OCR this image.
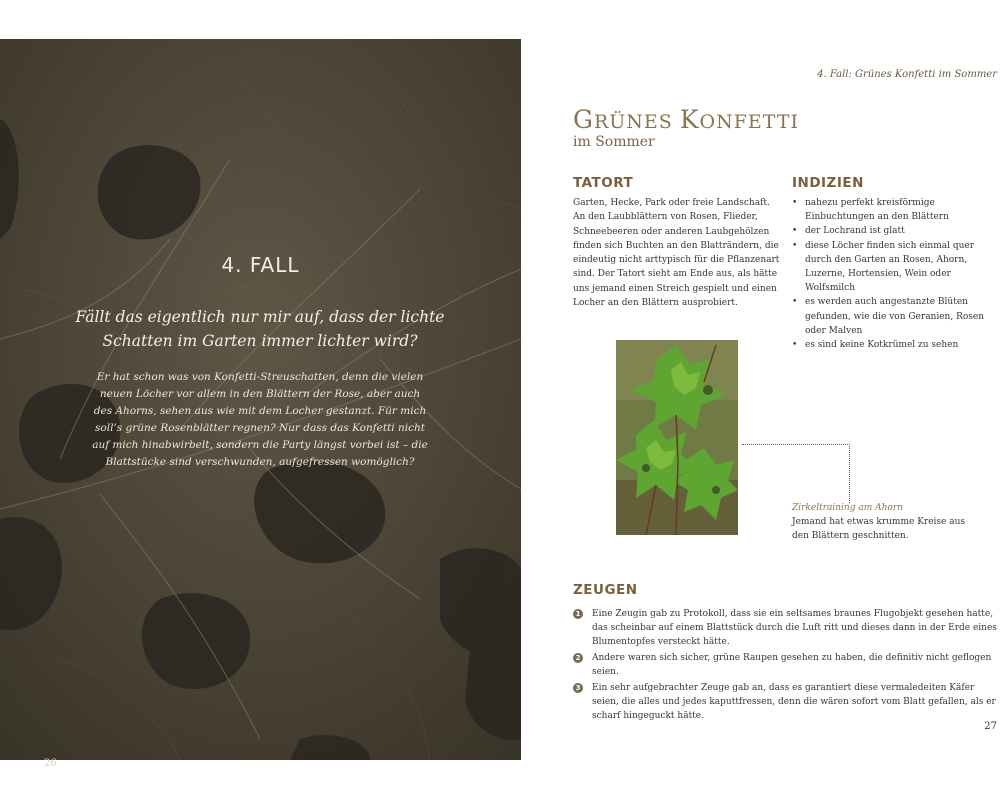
4. FALL
Fällt das eigentlich nur mir auf, dass der lichte Schatten im Garten immer lichter wird?
Er hat schon was von Konfetti-Streuschatten, denn die vielen neuen Löcher vor allem in den Blättern der Rose, aber auch des Ahorns, sehen aus wie mit dem Locher gestanzt. Für mich soll’s grüne Rosenblätter regnen? Nur dass das Konfetti nicht auf mich hinabwirbelt, sondern die Party längst vorbei ist – die Blattstücke sind verschwunden, aufgefressen womöglich?
26
4. Fall: Grünes Konfetti im Sommer
GRÜNES KONFETTI
im Sommer
TATORT
Garten, Hecke, Park oder freie Landschaft. An den Laubblättern von Rosen, Flieder, Schneebeeren oder anderen Laubgehölzen finden sich Buchten an den Blatträndern, die eindeutig nicht arttypisch für die Pflanzenart sind. Der Tatort sieht am Ende aus, als hätte uns jemand einen Streich gespielt und einen Locher an den Blättern ausprobiert.
INDIZIEN
• nahezu perfekt kreisförmige Einbuchtungen an den Blättern
• der Lochrand ist glatt
• diese Löcher finden sich einmal quer durch den Garten an Rosen, Ahorn, Luzerne, Hortensien, Wein oder Wolfsmilch
• es werden auch angestanzte Blüten gefunden, wie die von Geranien, Rosen oder Malven
• es sind keine Kotkrümel zu sehen
Zirkeltraining am Ahorn
Jemand hat etwas krumme Kreise aus den Blättern geschnitten.
ZEUGEN
1 Eine Zeugin gab zu Protokoll, dass sie ein seltsames braunes Flugobjekt gesehen hatte, das scheinbar auf einem Blattstück durch die Luft ritt und dieses dann in der Erde eines Blumentopfes versteckt hätte.
2 Andere waren sich sicher, grüne Raupen gesehen zu haben, die definitiv nicht geflogen seien.
3 Ein sehr aufgebrachter Zeuge gab an, dass es garantiert diese vermaledeiten Käfer seien, die alles und jedes kaputtfressen, denn die wären sofort vom Blatt gefallen, als er scharf hingeguckt hätte.
27
